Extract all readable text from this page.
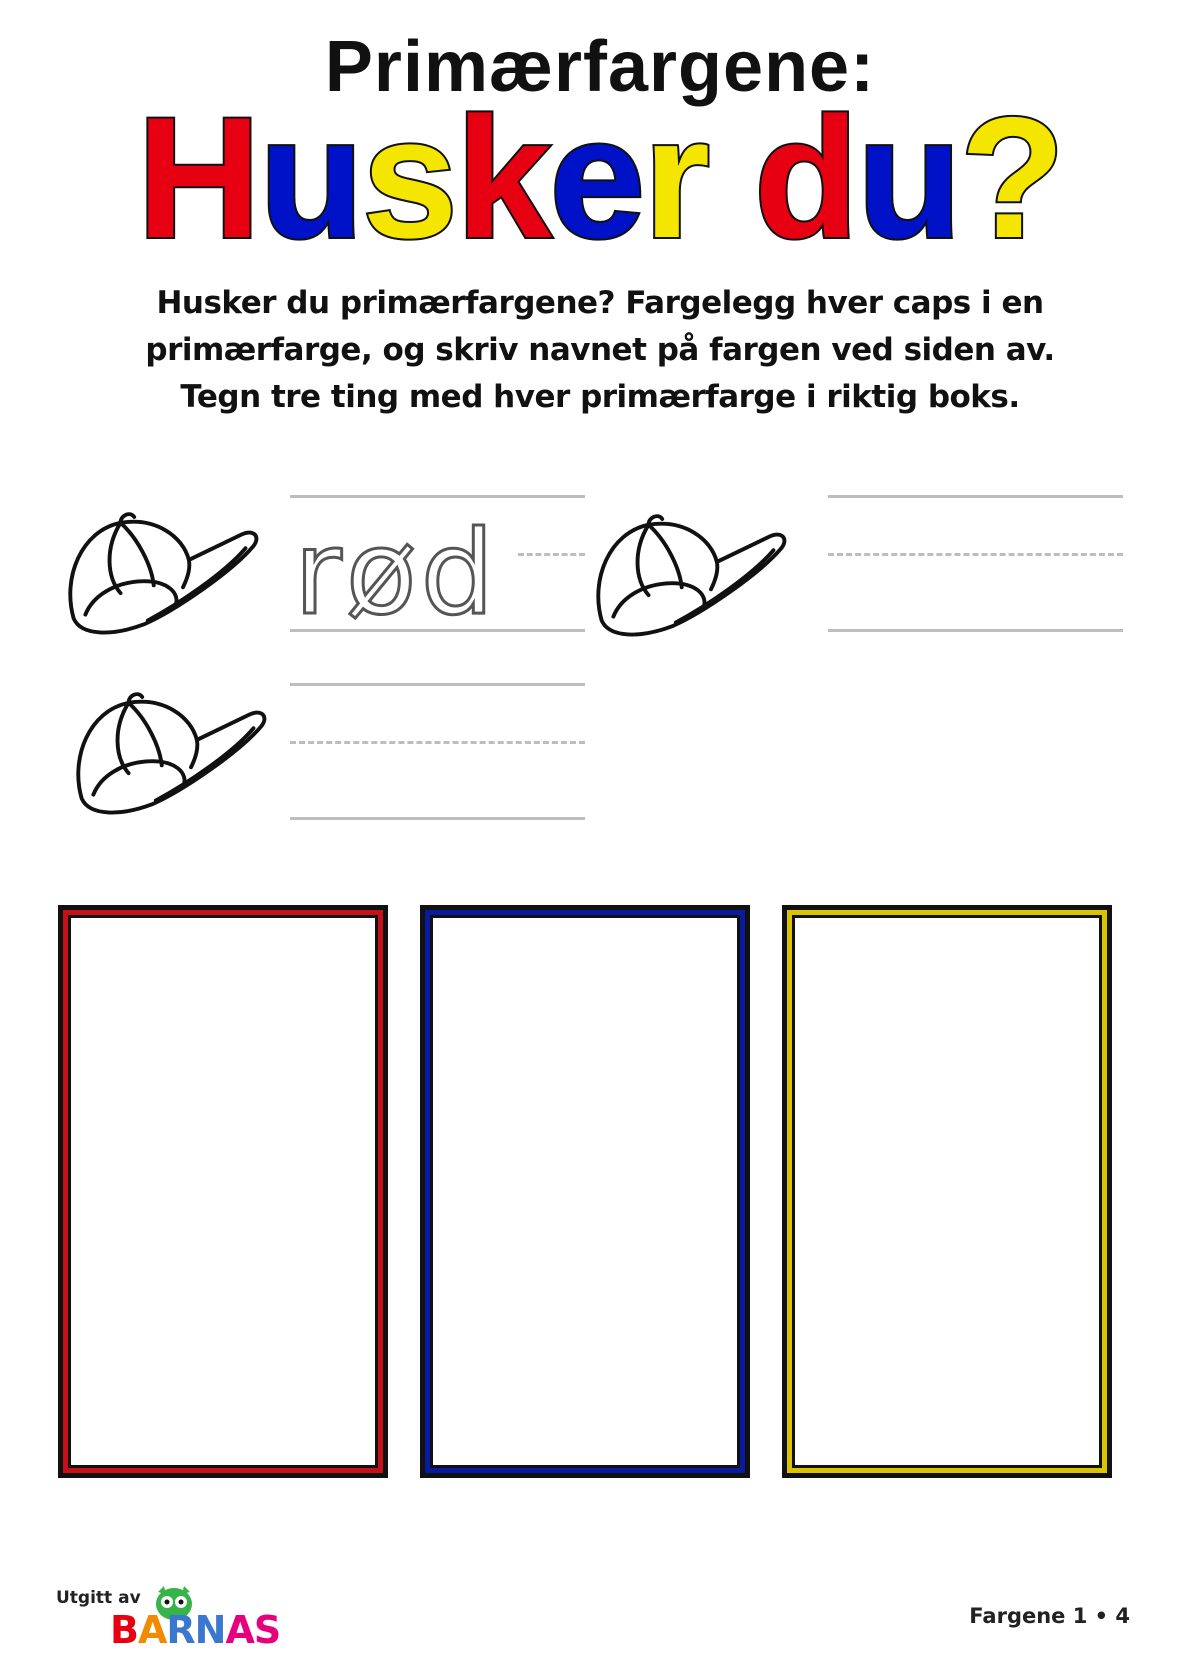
Primærfargene:
Husker du?

Husker du primærfargene? Fargelegg hver caps i en

primærfarge, og skriv navnet på fargen ved siden av.

Tegn tre ting med hver primærfarge i riktig boks.

rød
Utgitt av
BARNAS	Fargene 1 • 4
